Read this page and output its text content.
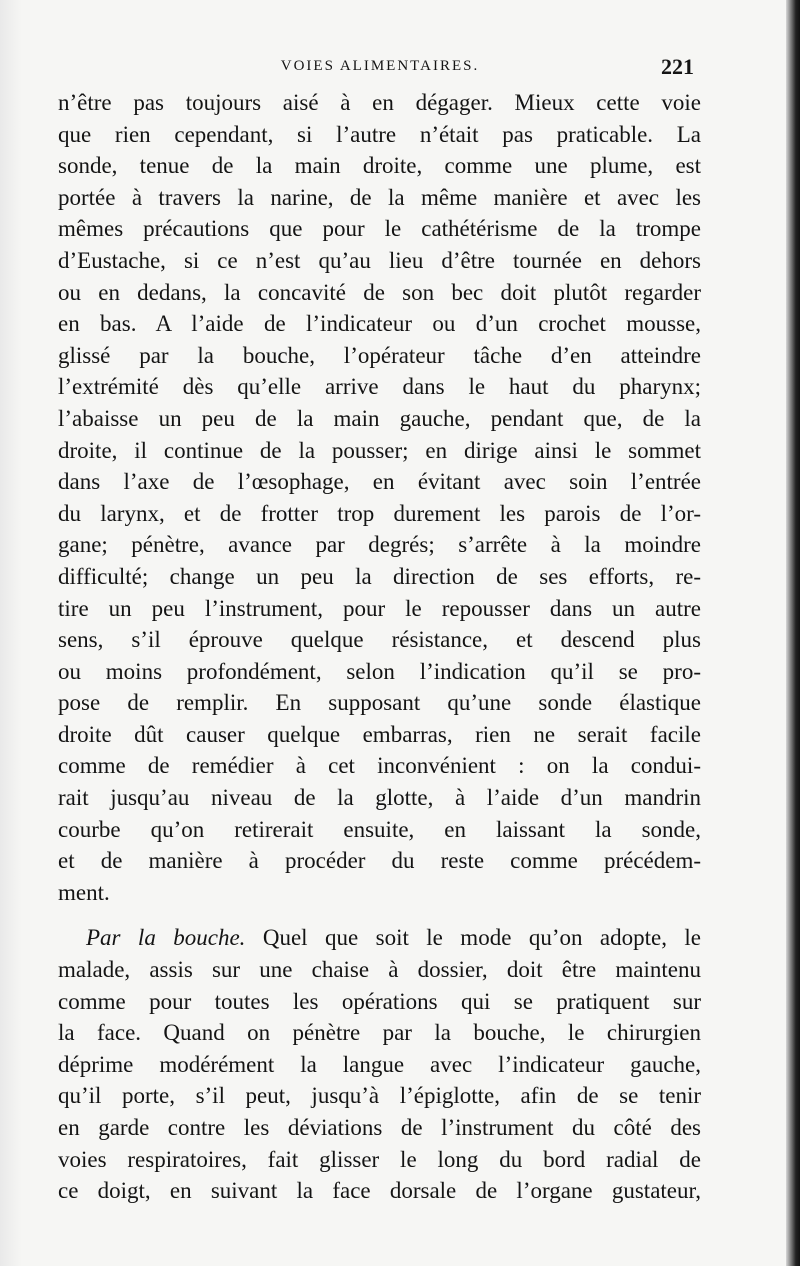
VOIES ALIMENTAIRES.	221
n’être pas toujours aisé à en dégager. Mieux cette voie
que rien cependant, si l’autre n’était pas praticable. La
sonde, tenue de la main droite, comme une plume, est
portée à travers la narine, de la même manière et avec les
mêmes précautions que pour le cathétérisme de la trompe
d’Eustache, si ce n’est qu’au lieu d’être tournée en dehors
ou en dedans, la concavité de son bec doit plutôt regarder
en bas. A l’aide de l’indicateur ou d’un crochet mousse,
glissé par la bouche, l’opérateur tâche d’en atteindre
l’extrémité dès qu’elle arrive dans le haut du pharynx;
l’abaisse un peu de la main gauche, pendant que, de la
droite, il continue de la pousser; en dirige ainsi le sommet
dans l’axe de l’œsophage, en évitant avec soin l’entrée
du larynx, et de frotter trop durement les parois de l’or-
gane; pénètre, avance par degrés; s’arrête à la moindre
difficulté; change un peu la direction de ses efforts, re-
tire un peu l’instrument, pour le repousser dans un autre
sens, s’il éprouve quelque résistance, et descend plus
ou moins profondément, selon l’indication qu’il se pro-
pose de remplir. En supposant qu’une sonde élastique
droite dût causer quelque embarras, rien ne serait facile
comme de remédier à cet inconvénient : on la condui-
rait jusqu’au niveau de la glotte, à l’aide d’un mandrin
courbe qu’on retirerait ensuite, en laissant la sonde,
et de manière à procéder du reste comme précédem-
ment.
Par la bouche. Quel que soit le mode qu’on adopte, le
malade, assis sur une chaise à dossier, doit être maintenu
comme pour toutes les opérations qui se pratiquent sur
la face. Quand on pénètre par la bouche, le chirurgien
déprime modérément la langue avec l’indicateur gauche,
qu’il porte, s’il peut, jusqu’à l’épiglotte, afin de se tenir
en garde contre les déviations de l’instrument du côté des
voies respiratoires, fait glisser le long du bord radial de
ce doigt, en suivant la face dorsale de l’organe gustateur,
